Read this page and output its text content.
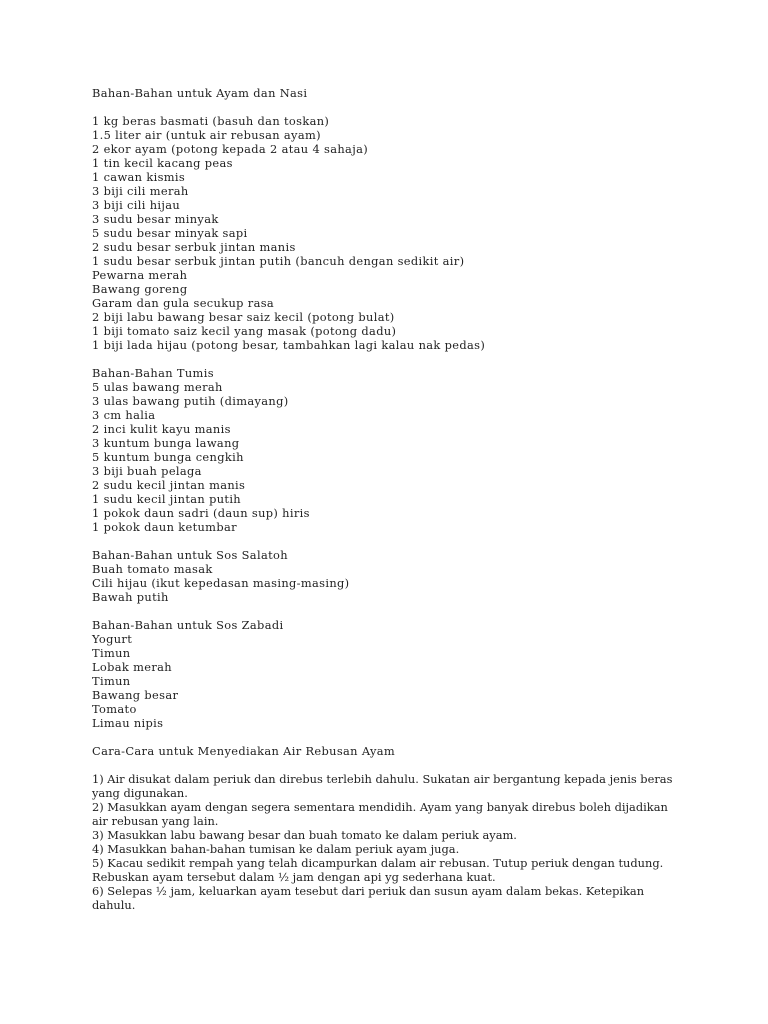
Bahan-Bahan untuk Ayam dan Nasi
1 kg beras basmati (basuh dan toskan)
1.5 liter air (untuk air rebusan ayam)
2 ekor ayam (potong kepada 2 atau 4 sahaja)
1 tin kecil kacang peas
1 cawan kismis
3 biji cili merah
3 biji cili hijau
3 sudu besar minyak
5 sudu besar minyak sapi
2 sudu besar serbuk jintan manis
1 sudu besar serbuk jintan putih (bancuh dengan sedikit air)
Pewarna merah
Bawang goreng
Garam dan gula secukup rasa
2 biji labu bawang besar saiz kecil (potong bulat)
1 biji tomato saiz kecil yang masak (potong dadu)
1 biji lada hijau (potong besar, tambahkan lagi kalau nak pedas)
Bahan-Bahan Tumis
5 ulas bawang merah
3 ulas bawang putih (dimayang)
3 cm halia
2 inci kulit kayu manis
3 kuntum bunga lawang
5 kuntum bunga cengkih
3 biji buah pelaga
2 sudu kecil jintan manis
1 sudu kecil jintan putih
1 pokok daun sadri (daun sup) hiris
1 pokok daun ketumbar
Bahan-Bahan untuk Sos Salatoh
Buah tomato masak
Cili hijau (ikut kepedasan masing-masing)
Bawah putih
Bahan-Bahan untuk Sos Zabadi
Yogurt
Timun
Lobak merah
Timun
Bawang besar
Tomato
Limau nipis
Cara-Cara untuk Menyediakan Air Rebusan Ayam
1) Air disukat dalam periuk dan direbus terlebih dahulu. Sukatan air bergantung kepada jenis beras yang digunakan.
2) Masukkan ayam dengan segera sementara mendidih. Ayam yang banyak direbus boleh dijadikan air rebusan yang lain.
3) Masukkan labu bawang besar dan buah tomato ke dalam periuk ayam.
4) Masukkan bahan-bahan tumisan ke dalam periuk ayam juga.
5) Kacau sedikit rempah yang telah dicampurkan dalam air rebusan. Tutup periuk dengan tudung. Rebuskan ayam tersebut dalam ½ jam dengan api yg sederhana kuat.
6) Selepas ½ jam, keluarkan ayam tesebut dari periuk dan susun ayam dalam bekas. Ketepikan dahulu.
